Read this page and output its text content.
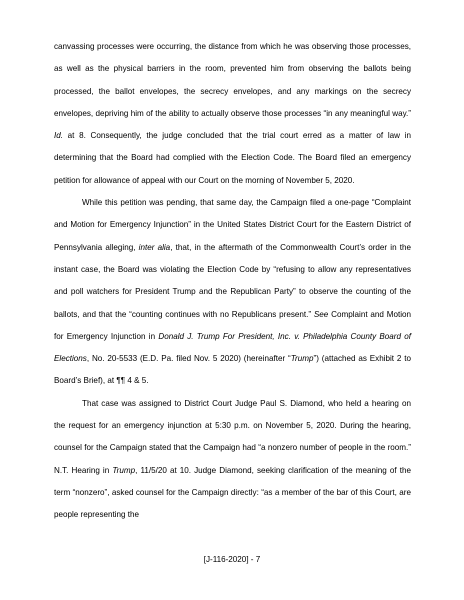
canvassing processes were occurring, the distance from which he was observing those processes, as well as the physical barriers in the room, prevented him from observing the ballots being processed, the ballot envelopes, the secrecy envelopes, and any markings on the secrecy envelopes, depriving him of the ability to actually observe those processes “in any meaningful way.” Id. at 8. Consequently, the judge concluded that the trial court erred as a matter of law in determining that the Board had complied with the Election Code. The Board filed an emergency petition for allowance of appeal with our Court on the morning of November 5, 2020.

While this petition was pending, that same day, the Campaign filed a one-page “Complaint and Motion for Emergency Injunction” in the United States District Court for the Eastern District of Pennsylvania alleging, inter alia, that, in the aftermath of the Commonwealth Court’s order in the instant case, the Board was violating the Election Code by “refusing to allow any representatives and poll watchers for President Trump and the Republican Party” to observe the counting of the ballots, and that the “counting continues with no Republicans present.” See Complaint and Motion for Emergency Injunction in Donald J. Trump For President, Inc. v. Philadelphia County Board of Elections, No. 20-5533 (E.D. Pa. filed Nov. 5 2020) (hereinafter “Trump”) (attached as Exhibit 2 to Board’s Brief), at ¶¶ 4 & 5.

That case was assigned to District Court Judge Paul S. Diamond, who held a hearing on the request for an emergency injunction at 5:30 p.m. on November 5, 2020. During the hearing, counsel for the Campaign stated that the Campaign had “a nonzero number of people in the room.” N.T. Hearing in Trump, 11/5/20 at 10. Judge Diamond, seeking clarification of the meaning of the term “nonzero”, asked counsel for the Campaign directly: “as a member of the bar of this Court, are people representing the

[J-116-2020] - 7
